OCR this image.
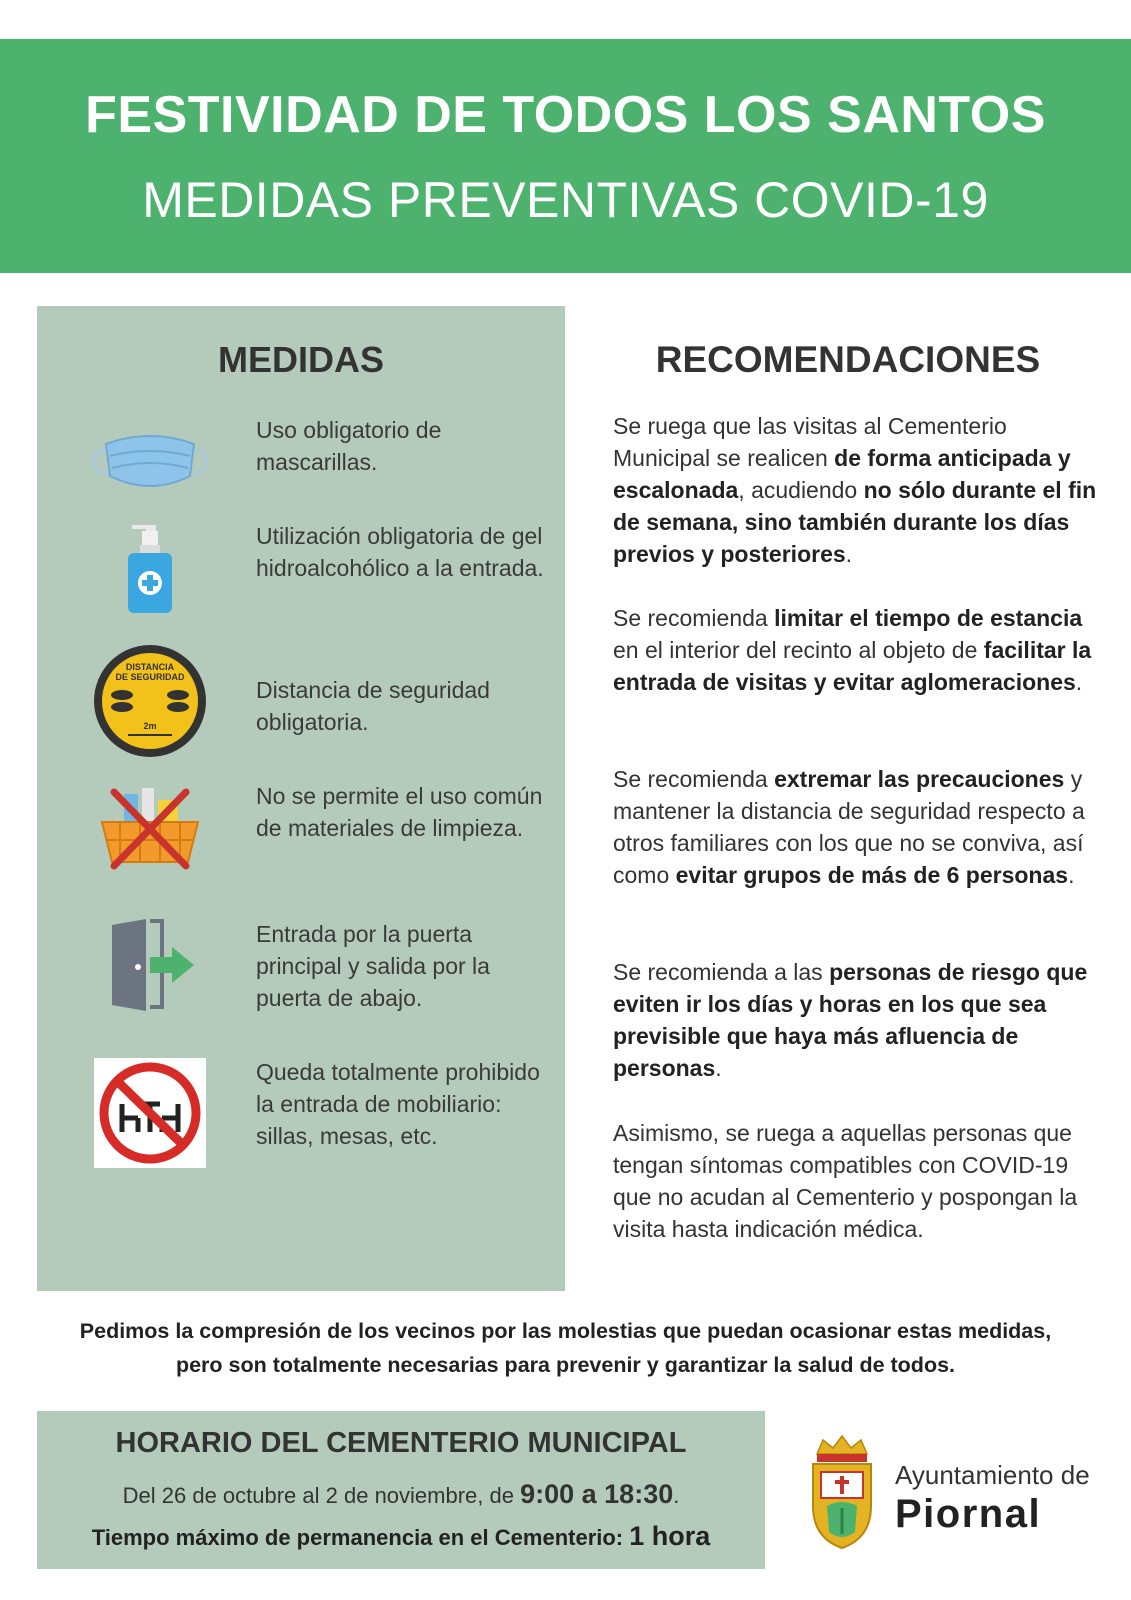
FESTIVIDAD DE TODOS LOS SANTOS
MEDIDAS PREVENTIVAS COVID-19
MEDIDAS
Uso obligatorio de mascarillas.
Utilización obligatoria de gel hidroalcohólico a la entrada.
DISTANCIA
DE SEGURIDAD
2m
Distancia de seguridad obligatoria.
No se permite el uso común de materiales de limpieza.
Entrada por la puerta principal y salida por la puerta de abajo.
Queda totalmente prohibido la entrada de mobiliario: sillas, mesas, etc.
RECOMENDACIONES
Se ruega que las visitas al Cementerio Municipal se realicen de forma anticipada y escalonada, acudiendo no sólo durante el fin de semana, sino también durante los días previos y posteriores.
Se recomienda limitar el tiempo de estancia en el interior del recinto al objeto de facilitar la entrada de visitas y evitar aglomeraciones.
Se recomienda extremar las precauciones y mantener la distancia de seguridad respecto a otros familiares con los que no se conviva, así como evitar grupos de más de 6 personas.
Se recomienda a las personas de riesgo que eviten ir los días y horas en los que sea previsible que haya más afluencia de personas.
Asimismo, se ruega a aquellas personas que tengan síntomas compatibles con COVID-19 que no acudan al Cementerio y pospongan la visita hasta indicación médica.
Pedimos la compresión de los vecinos por las molestias que puedan ocasionar estas medidas,
pero son totalmente necesarias para prevenir y garantizar la salud de todos.
HORARIO DEL CEMENTERIO MUNICIPAL
Del 26 de octubre al 2 de noviembre, de 9:00 a 18:30.
Tiempo máximo de permanencia en el Cementerio: 1 hora
Ayuntamiento de
Piornal
